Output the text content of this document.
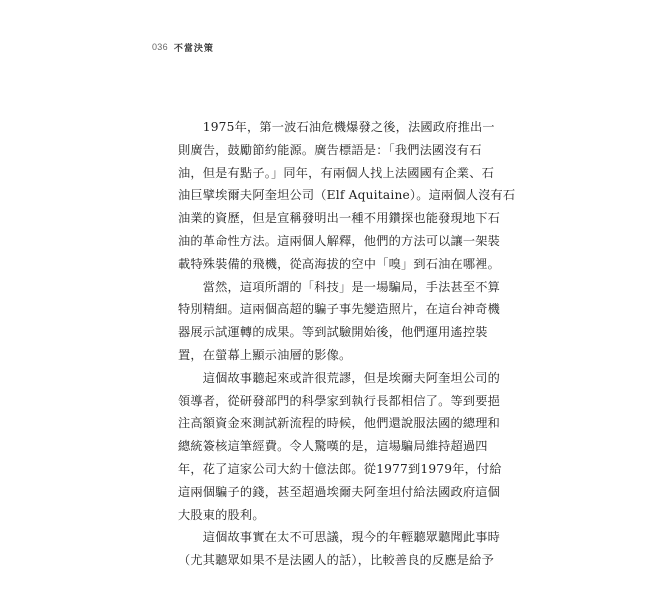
036 不當決策

　　1975年，第一波石油危機爆發之後，法國政府推出一
則廣告，鼓勵節約能源。廣告標語是：「我們法國沒有石
油，但是有點子。」同年，有兩個人找上法國國有企業、石
油巨擘埃爾夫阿奎坦公司（Elf Aquitaine）。這兩個人沒有石
油業的資歷，但是宣稱發明出一種不用鑽探也能發現地下石
油的革命性方法。這兩個人解釋，他們的方法可以讓一架裝
載特殊裝備的飛機，從高海拔的空中「嗅」到石油在哪裡。

　　當然，這項所謂的「科技」是一場騙局，手法甚至不算
特別精細。這兩個高超的騙子事先變造照片，在這台神奇機
器展示試運轉的成果。等到試驗開始後，他們運用遙控裝
置，在螢幕上顯示油層的影像。

　　這個故事聽起來或許很荒謬，但是埃爾夫阿奎坦公司的
領導者，從研發部門的科學家到執行長都相信了。等到要挹
注高額資金來測試新流程的時候，他們還說服法國的總理和
總統簽核這筆經費。令人驚嘆的是，這場騙局維持超過四
年，花了這家公司大約十億法郎。從1977到1979年，付給
這兩個騙子的錢，甚至超過埃爾夫阿奎坦付給法國政府這個
大股東的股利。

　　這個故事實在太不可思議，現今的年輕聽眾聽聞此事時
（尤其聽眾如果不是法國人的話），比較善良的反應是給予
